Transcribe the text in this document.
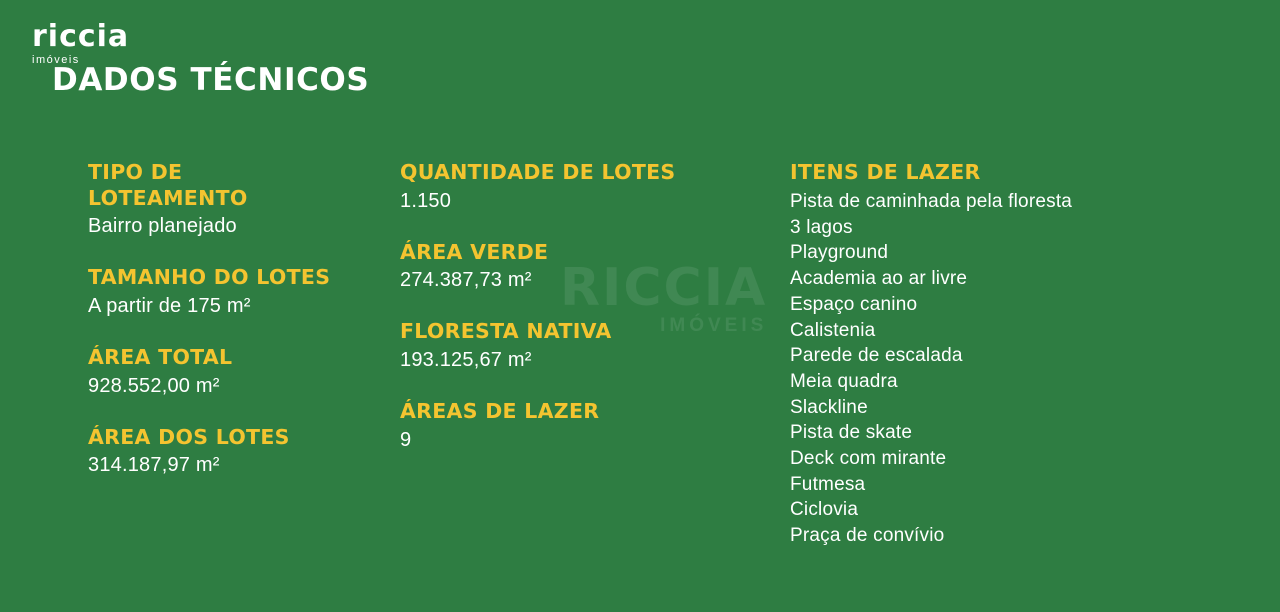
riccia
imóveis
DADOS TÉCNICOS
RICCIA
IMÓVEIS
TIPO DE LOTEAMENTO
Bairro planejado
TAMANHO DO LOTES
A partir de 175 m²
ÁREA TOTAL
928.552,00 m²
ÁREA DOS LOTES
314.187,97 m²
QUANTIDADE DE LOTES
1.150
ÁREA VERDE
274.387,73 m²
FLORESTA NATIVA
193.125,67 m²
ÁREAS DE LAZER
9
ITENS DE LAZER
Pista de caminhada pela floresta
3 lagos
Playground
Academia ao ar livre
Espaço canino
Calistenia
Parede de escalada
Meia quadra
Slackline
Pista de skate
Deck com mirante
Futmesa
Ciclovia
Praça de convívio
